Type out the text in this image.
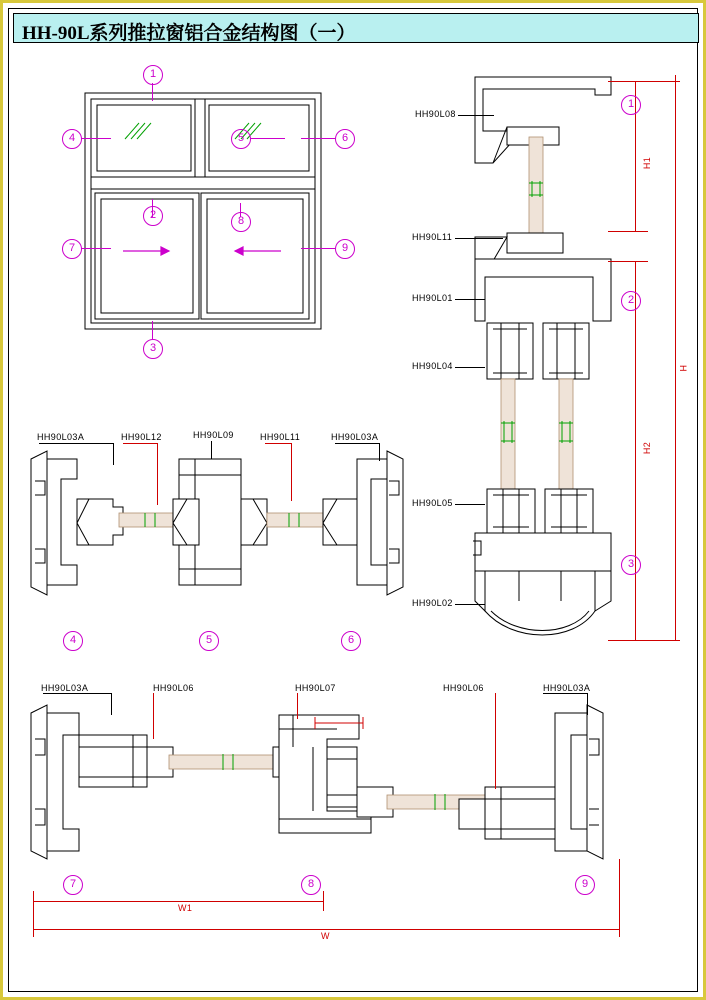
HH-90L系列推拉窗铝合金结构图（一）
1
2
3
4	5	6
7
8
9
HH90L08
HH90L11
HH90L01
HH90L04
HH90L05
HH90L02
1
2
3
HH90L03A	HH90L12	HH90L09	HH90L11	HH90L03A
4	5	6
HH90L03A	HH90L06	HH90L07	HH90L06	HH90L03A
7	8	9
H1
H
H2
W1
W
